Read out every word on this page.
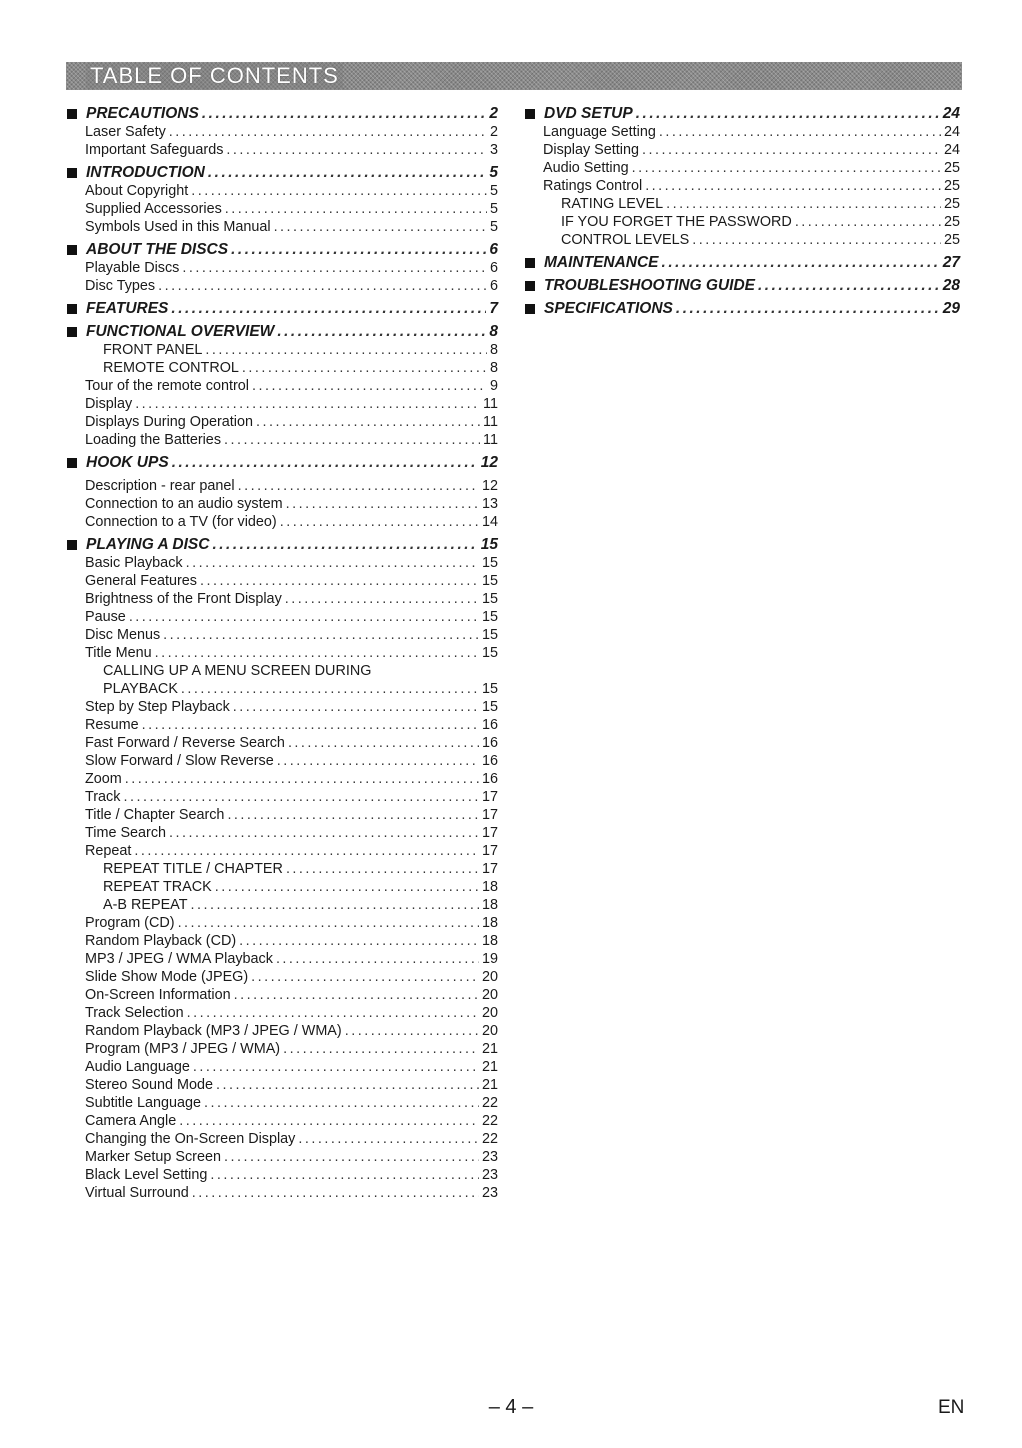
TABLE OF CONTENTS
PRECAUTIONS .....	2
Laser Safety .....	2
Important Safeguards .....	3
INTRODUCTION .....	5
About Copyright .....	5
Supplied Accessories .....	5
Symbols Used in this Manual .....	5
ABOUT THE DISCS .....	6
Playable Discs .....	6
Disc Types .....	6
FEATURES .....	7
FUNCTIONAL OVERVIEW .....	8
FRONT PANEL .....	8
REMOTE CONTROL .....	8
Tour of the remote control .....	9
Display .....	11
Displays During Operation .....	11
Loading the Batteries .....	11
HOOK UPS .....	12
Description - rear panel .....	12
Connection to an audio system .....	13
Connection to a TV (for video) .....	14
PLAYING A DISC .....	15
Basic Playback .....	15
General Features .....	15
Brightness of the Front Display .....	15
Pause .....	15
Disc Menus .....	15
Title Menu .....	15
CALLING UP A MENU SCREEN DURING
PLAYBACK .....	15
Step by Step Playback .....	15
Resume .....	16
Fast Forward / Reverse Search .....	16
Slow Forward / Slow Reverse .....	16
Zoom .....	16
Track .....	17
Title / Chapter Search .....	17
Time Search .....	17
Repeat .....	17
REPEAT TITLE / CHAPTER .....	17
REPEAT TRACK .....	18
A-B REPEAT .....	18
Program (CD) .....	18
Random Playback (CD) .....	18
MP3 / JPEG / WMA Playback .....	19
Slide Show Mode (JPEG) .....	20
On-Screen Information .....	20
Track Selection .....	20
Random Playback (MP3 / JPEG / WMA) .....	20
Program (MP3 / JPEG / WMA) .....	21
Audio Language .....	21
Stereo Sound Mode .....	21
Subtitle Language .....	22
Camera Angle .....	22
Changing the On-Screen Display .....	22
Marker Setup Screen .....	23
Black Level Setting .....	23
Virtual Surround .....	23
DVD SETUP .....	24
Language Setting .....	24
Display Setting .....	24
Audio Setting .....	25
Ratings Control .....	25
RATING LEVEL .....	25
IF YOU FORGET THE PASSWORD .....	25
CONTROL LEVELS .....	25
MAINTENANCE .....	27
TROUBLESHOOTING GUIDE .....	28
SPECIFICATIONS .....	29
– 4 –	EN
